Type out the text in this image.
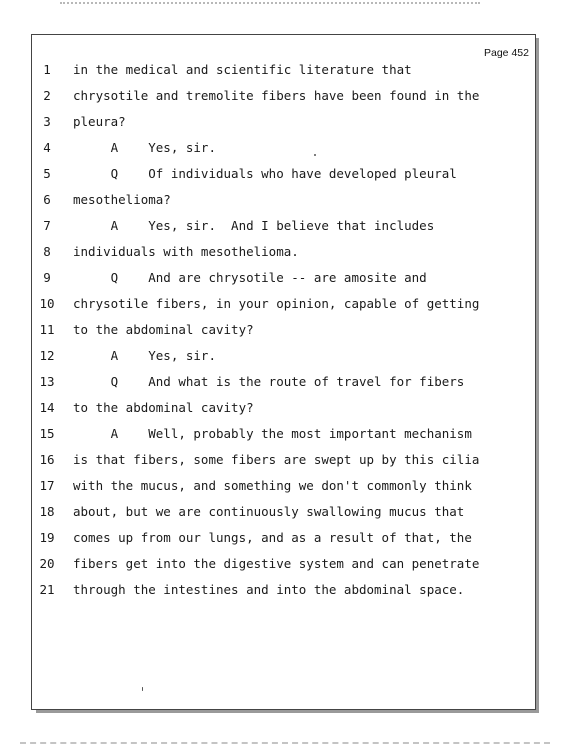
Page 452
1	in the medical and scientific literature that
2	chrysotile and tremolite fibers have been found in the
3	pleura?
4	A    Yes, sir.
5	Q    Of individuals who have developed pleural
6	mesothelioma?
7	A    Yes, sir.  And I believe that includes
8	individuals with mesothelioma.
9	Q    And are chrysotile -- are amosite and
10 chrysotile fibers, in your opinion, capable of getting
11 to the abdominal cavity?
12 A    Yes, sir.
13 Q    And what is the route of travel for fibers
14 to the abdominal cavity?
15 A    Well, probably the most important mechanism
16 is that fibers, some fibers are swept up by this cilia
17 with the mucus, and something we don't commonly think
18 about, but we are continuously swallowing mucus that
19 comes up from our lungs, and as a result of that, the
20 fibers get into the digestive system and can penetrate
21 through the intestines and into the abdominal space.
